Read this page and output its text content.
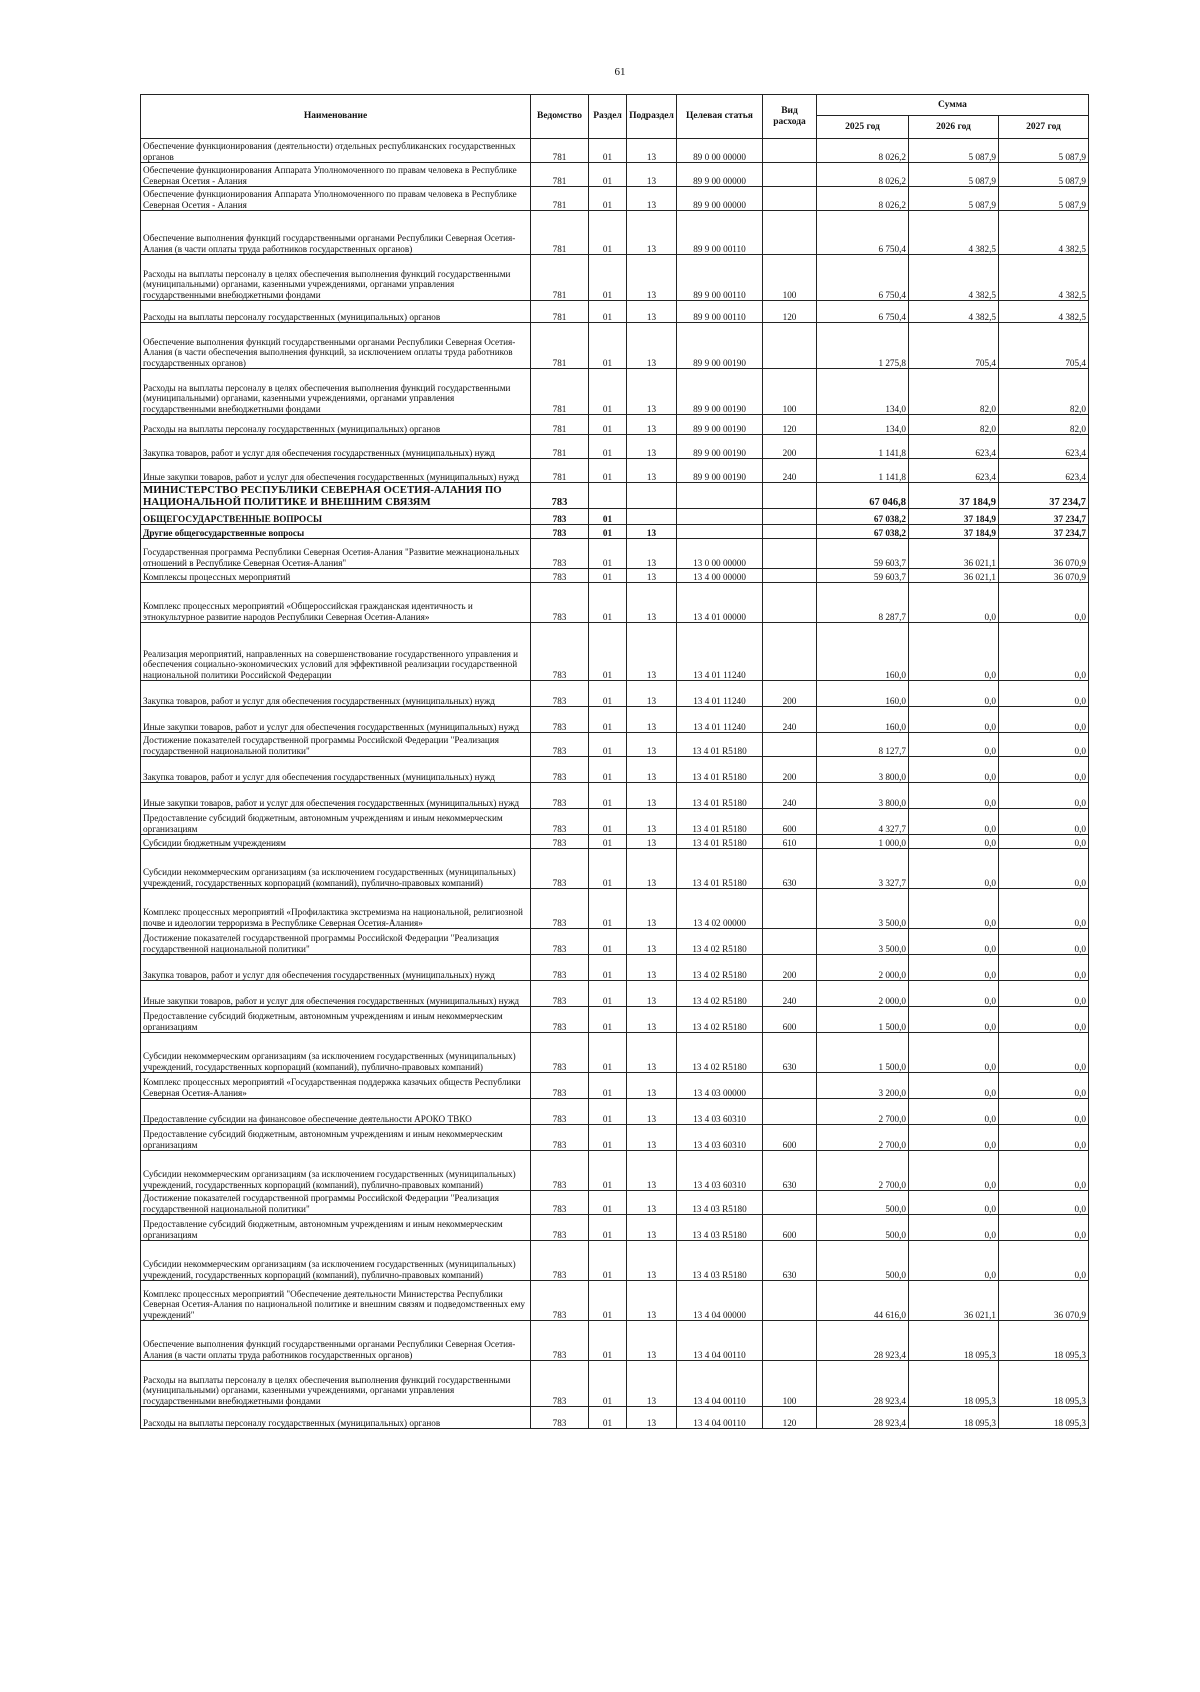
61
Наименование	Ведомство	Раздел	Подраздел	Целевая статья	Вид расхода	Сумма		
						2025 год	2026 год	2027 год
Обеспечение функционирования (деятельности) отдельных республиканских государственных органов	781	01	13	89 0 00 00000		8 026,2	5 087,9	5 087,9
Обеспечение функционирования Аппарата Уполномоченного по правам человека в Республике Северная Осетия - Алания	781	01	13	89 9 00 00000		8 026,2	5 087,9	5 087,9
Обеспечение функционирования Аппарата Уполномоченного по правам человека в Республике Северная Осетия - Алания	781	01	13	89 9 00 00000		8 026,2	5 087,9	5 087,9
Обеспечение выполнения функций государственными органами Республики Северная Осетия-Алания (в части оплаты труда работников государственных органов)	781	01	13	89 9 00 00110		6 750,4	4 382,5	4 382,5
Расходы на выплаты персоналу в целях обеспечения выполнения функций государственными (муниципальными) органами, казенными учреждениями, органами управления государственными внебюджетными фондами	781	01	13	89 9 00 00110	100	6 750,4	4 382,5	4 382,5
Расходы на выплаты персоналу государственных (муниципальных) органов	781	01	13	89 9 00 00110	120	6 750,4	4 382,5	4 382,5
Обеспечение выполнения функций государственными органами Республики Северная Осетия-Алания (в части обеспечения выполнения функций, за исключением оплаты труда работников государственных органов)	781	01	13	89 9 00 00190		1 275,8	705,4	705,4
Расходы на выплаты персоналу в целях обеспечения выполнения функций государственными (муниципальными) органами, казенными учреждениями, органами управления государственными внебюджетными фондами	781	01	13	89 9 00 00190	100	134,0	82,0	82,0
Расходы на выплаты персоналу государственных (муниципальных) органов	781	01	13	89 9 00 00190	120	134,0	82,0	82,0
Закупка товаров, работ и услуг для обеспечения государственных (муниципальных) нужд	781	01	13	89 9 00 00190	200	1 141,8	623,4	623,4
Иные закупки товаров, работ и услуг для обеспечения государственных (муниципальных) нужд	781	01	13	89 9 00 00190	240	1 141,8	623,4	623,4
МИНИСТЕРСТВО РЕСПУБЛИКИ СЕВЕРНАЯ ОСЕТИЯ-АЛАНИЯ ПО НАЦИОНАЛЬНОЙ ПОЛИТИКЕ И ВНЕШНИМ СВЯЗЯМ	783					67 046,8	37 184,9	37 234,7
ОБЩЕГОСУДАРСТВЕННЫЕ ВОПРОСЫ	783	01				67 038,2	37 184,9	37 234,7
Другие общегосударственные вопросы	783	01	13			67 038,2	37 184,9	37 234,7
Государственная программа Республики Северная Осетия-Алания "Развитие межнациональных отношений в Республике Северная Осетия-Алания"	783	01	13	13 0 00 00000		59 603,7	36 021,1	36 070,9
Комплексы процессных мероприятий	783	01	13	13 4 00 00000		59 603,7	36 021,1	36 070,9
Комплекс процессных мероприятий «Общероссийская гражданская идентичность и этнокультурное развитие народов Республики Северная Осетия-Алания»	783	01	13	13 4 01 00000		8 287,7	0,0	0,0
Реализация мероприятий, направленных на совершенствование государственного управления и обеспечения социально-экономических условий для эффективной реализации государственной национальной политики Российской Федерации	783	01	13	13 4 01 11240		160,0	0,0	0,0
Закупка товаров, работ и услуг для обеспечения государственных (муниципальных) нужд	783	01	13	13 4 01 11240	200	160,0	0,0	0,0
Иные закупки товаров, работ и услуг для обеспечения государственных (муниципальных) нужд	783	01	13	13 4 01 11240	240	160,0	0,0	0,0
Достижение показателей государственной программы Российской Федерации "Реализация государственной национальной политики"	783	01	13	13 4 01 R5180		8 127,7	0,0	0,0
Закупка товаров, работ и услуг для обеспечения государственных (муниципальных) нужд	783	01	13	13 4 01 R5180	200	3 800,0	0,0	0,0
Иные закупки товаров, работ и услуг для обеспечения государственных (муниципальных) нужд	783	01	13	13 4 01 R5180	240	3 800,0	0,0	0,0
Предоставление субсидий бюджетным, автономным учреждениям и иным некоммерческим организациям	783	01	13	13 4 01 R5180	600	4 327,7	0,0	0,0
Субсидии бюджетным учреждениям	783	01	13	13 4 01 R5180	610	1 000,0	0,0	0,0
Субсидии некоммерческим организациям (за исключением государственных (муниципальных) учреждений, государственных корпораций (компаний), публично-правовых компаний)	783	01	13	13 4 01 R5180	630	3 327,7	0,0	0,0
Комплекс процессных мероприятий «Профилактика экстремизма на национальной, религиозной почве и идеологии терроризма в Республике Северная Осетия-Алания»	783	01	13	13 4 02 00000		3 500,0	0,0	0,0
Достижение показателей государственной программы Российской Федерации "Реализация государственной национальной политики"	783	01	13	13 4 02 R5180		3 500,0	0,0	0,0
Закупка товаров, работ и услуг для обеспечения государственных (муниципальных) нужд	783	01	13	13 4 02 R5180	200	2 000,0	0,0	0,0
Иные закупки товаров, работ и услуг для обеспечения государственных (муниципальных) нужд	783	01	13	13 4 02 R5180	240	2 000,0	0,0	0,0
Предоставление субсидий бюджетным, автономным учреждениям и иным некоммерческим организациям	783	01	13	13 4 02 R5180	600	1 500,0	0,0	0,0
Субсидии некоммерческим организациям (за исключением государственных (муниципальных) учреждений, государственных корпораций (компаний), публично-правовых компаний)	783	01	13	13 4 02 R5180	630	1 500,0	0,0	0,0
Комплекс процессных мероприятий «Государственная поддержка казачьих обществ Республики Северная Осетия-Алания»	783	01	13	13 4 03 00000		3 200,0	0,0	0,0
Предоставление субсидии на финансовое обеспечение деятельности АРОКО ТВКО	783	01	13	13 4 03 60310		2 700,0	0,0	0,0
Предоставление субсидий бюджетным, автономным учреждениям и иным некоммерческим организациям	783	01	13	13 4 03 60310	600	2 700,0	0,0	0,0
Субсидии некоммерческим организациям (за исключением государственных (муниципальных) учреждений, государственных корпораций (компаний), публично-правовых компаний)	783	01	13	13 4 03 60310	630	2 700,0	0,0	0,0
Достижение показателей государственной программы Российской Федерации "Реализация государственной национальной политики"	783	01	13	13 4 03 R5180		500,0	0,0	0,0
Предоставление субсидий бюджетным, автономным учреждениям и иным некоммерческим организациям	783	01	13	13 4 03 R5180	600	500,0	0,0	0,0
Субсидии некоммерческим организациям (за исключением государственных (муниципальных) учреждений, государственных корпораций (компаний), публично-правовых компаний)	783	01	13	13 4 03 R5180	630	500,0	0,0	0,0
Комплекс процессных мероприятий "Обеспечение деятельности Министерства Республики Северная Осетия-Алания по национальной политике и внешним связям и подведомственных ему учреждений"	783	01	13	13 4 04 00000		44 616,0	36 021,1	36 070,9
Обеспечение выполнения функций государственными органами Республики Северная Осетия-Алания (в части оплаты труда работников государственных органов)	783	01	13	13 4 04 00110		28 923,4	18 095,3	18 095,3
Расходы на выплаты персоналу в целях обеспечения выполнения функций государственными (муниципальными) органами, казенными учреждениями, органами управления государственными внебюджетными фондами	783	01	13	13 4 04 00110	100	28 923,4	18 095,3	18 095,3
Расходы на выплаты персоналу государственных (муниципальных) органов	783	01	13	13 4 04 00110	120	28 923,4	18 095,3	18 095,3
